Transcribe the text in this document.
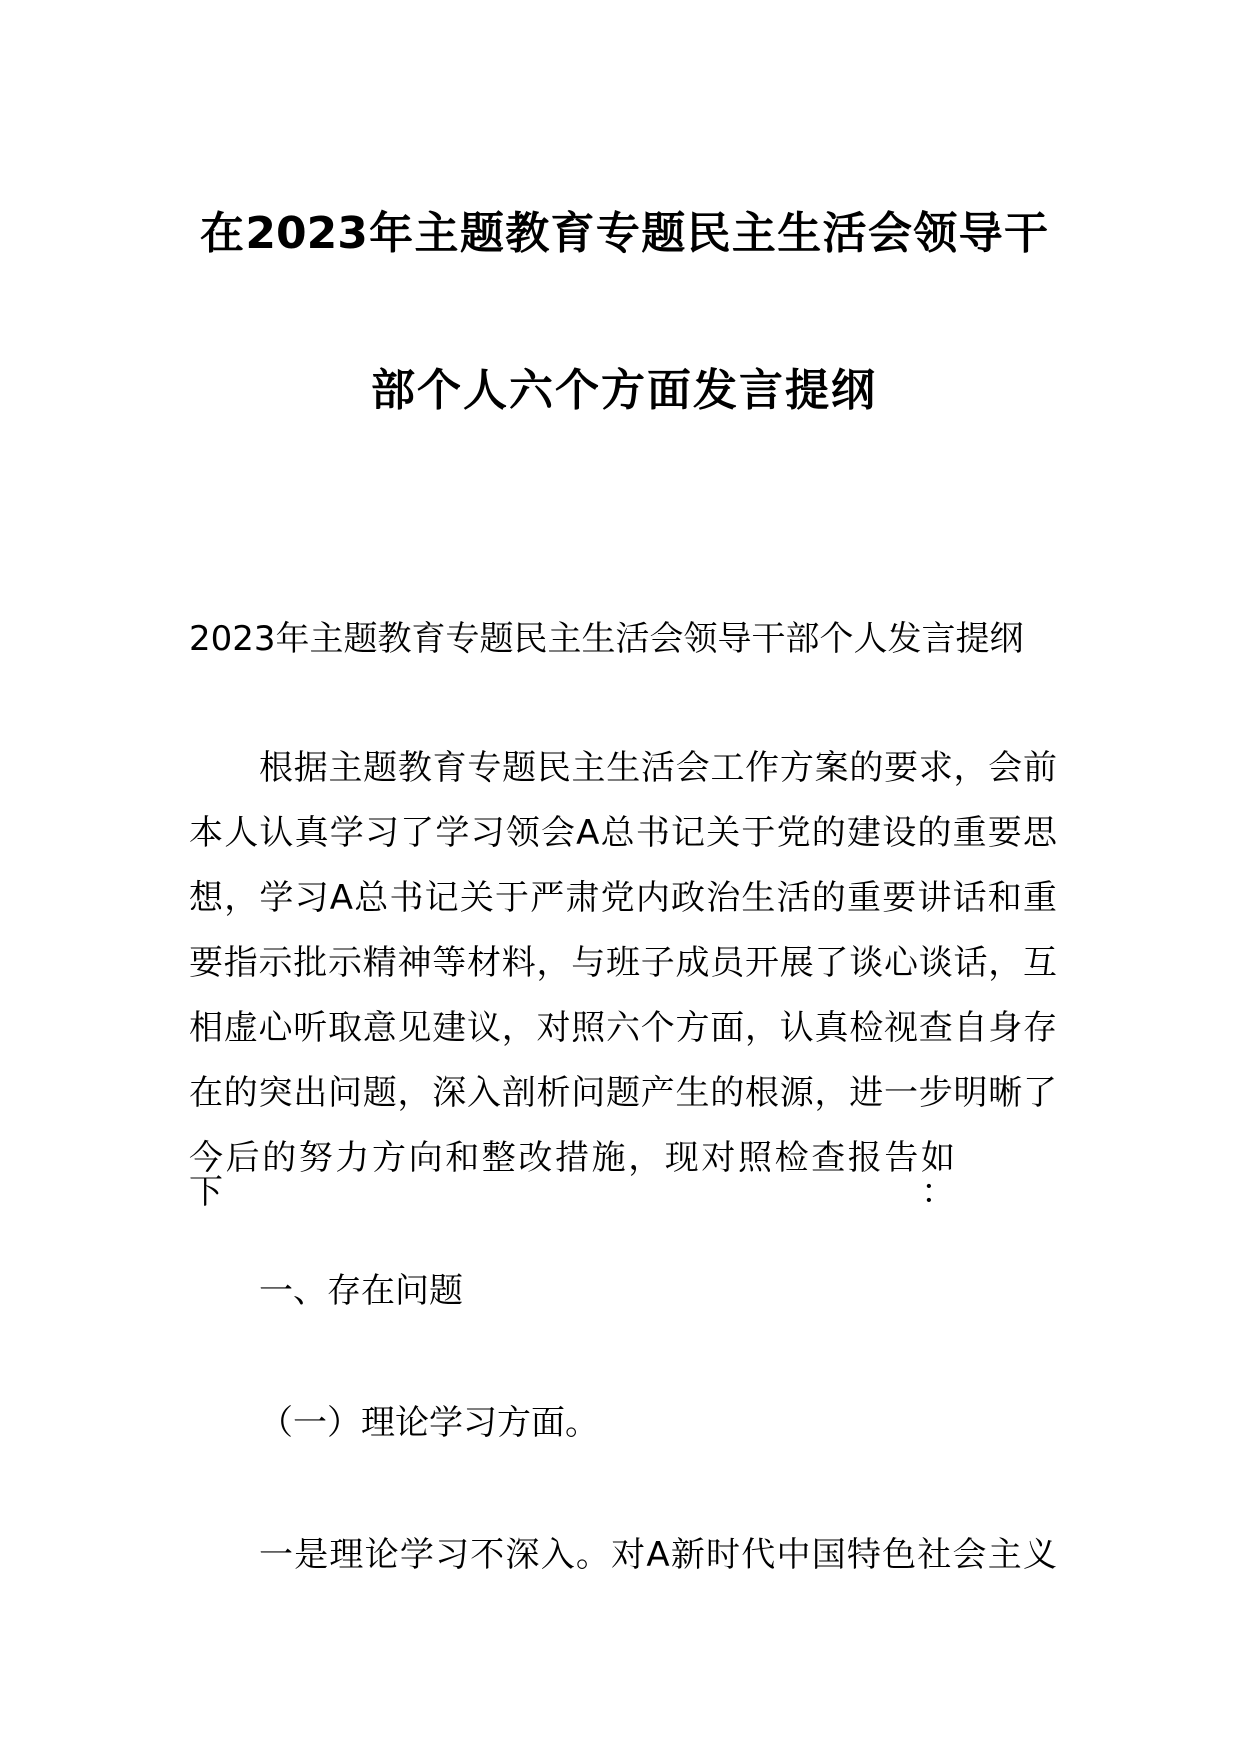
在2023年主题教育专题民主生活会领导干
部个人六个方面发言提纲
2023年主题教育专题民主生活会领导干部个人发言提纲
根据主题教育专题民主生活会工作方案的要求，会前
本人认真学习了学习领会A总书记关于党的建设的重要思
想，学习A总书记关于严肃党内政治生活的重要讲话和重
要指示批示精神等材料，与班子成员开展了谈心谈话，互
相虚心听取意见建议，对照六个方面，认真检视查自身存
在的突出问题，深入剖析问题产生的根源，进一步明晰了
今后的努力方向和整改措施，现对照检查报告如下：
一、存在问题
（一）理论学习方面。
一是理论学习不深入。对A新时代中国特色社会主义
